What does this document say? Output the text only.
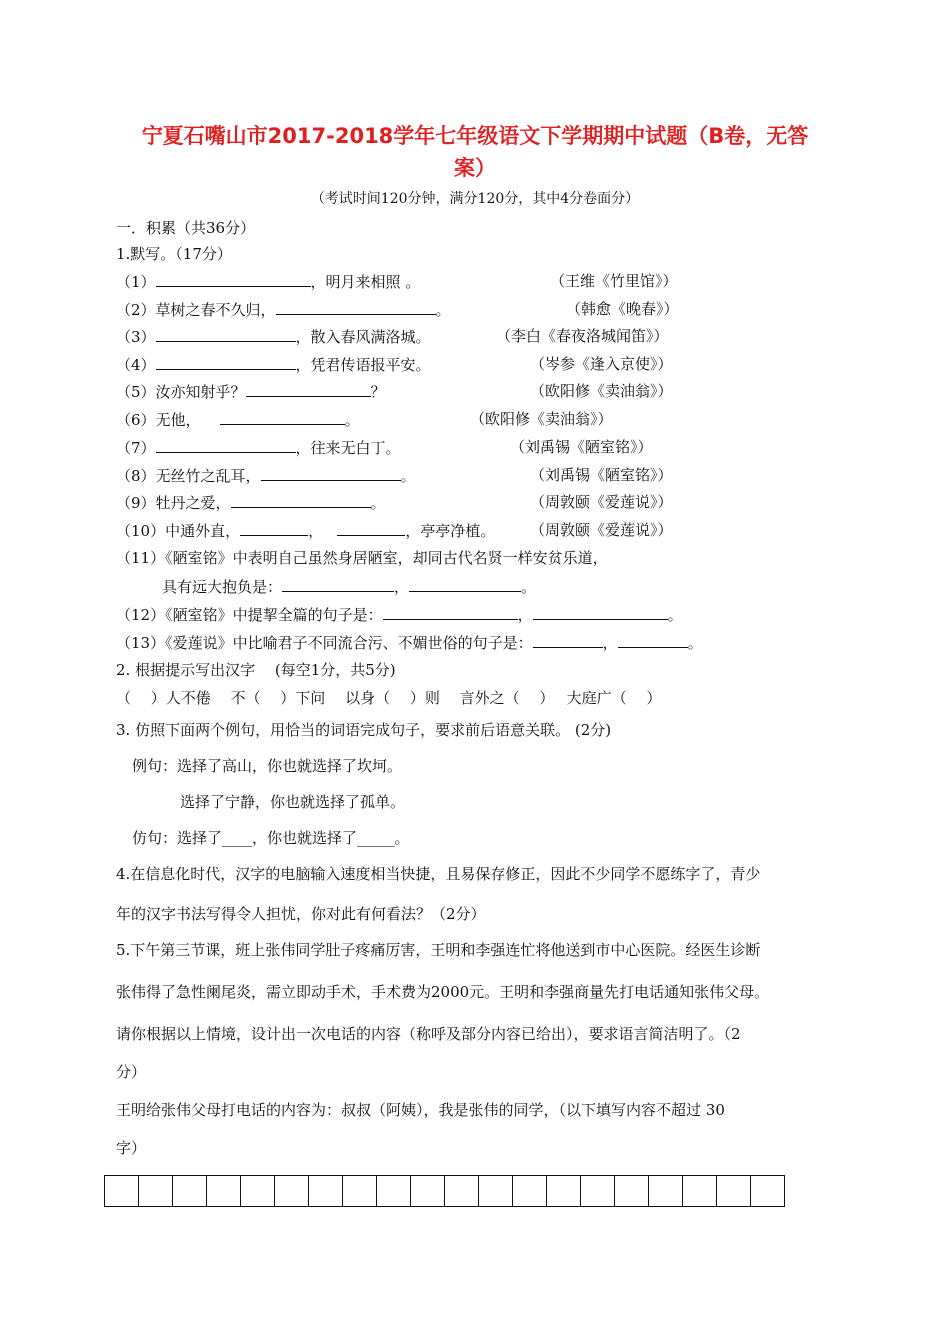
宁夏石嘴山市2017-2018学年七年级语文下学期期中试题（B卷，无答
案）
（考试时间120分钟，满分120分，其中4分卷面分）
一．积累（共36分）
1.默写。（17分）
（1）	，明月来相照 。	（王维《竹里馆》）
（2）草树之春不久归，	。	（韩愈《晚春》）
（3）	，散入春风满洛城。	（李白《春夜洛城闻笛》）
（4）	，凭君传语报平安。	（岑参《逢入京使》）
（5）汝亦知射乎？	？	（欧阳修《卖油翁》）
（6）无他，	。	（欧阳修《卖油翁》）
（7）	，往来无白丁。	（刘禹锡《陋室铭》）
（8）无丝竹之乱耳，	。	（刘禹锡《陋室铭》）
（9）牡丹之爱，	。	（周敦颐《爱莲说》）
（10）中通外直，	，	，亭亭净植。 （周敦颐《爱莲说》）
（11）《陋室铭》中表明自己虽然身居陋室，却同古代名贤一样安贫乐道，
具有远大抱负是：	，	。
（12）《陋室铭》中提挈全篇的句子是：	，	。
（13）《爱莲说》中比喻君子不同流合污、不媚世俗的句子是：	，	。
2. 根据提示写出汉字　 (每空1分，共5分)
（　 ）人不倦　 不（　 ）下问　 以身（　 ）则　 言外之（　 ）　 大庭广（　 ）
3. 仿照下面两个例句，用恰当的词语完成句子，要求前后语意关联。 (2分)
例句：选择了高山，你也就选择了坎坷。
选择了宁静，你也就选择了孤单。
仿句：选择了____，你也就选择了_____。
4.在信息化时代，汉字的电脑输入速度相当快捷，且易保存修正，因此不少同学不愿练字了，青少
年的汉字书法写得令人担忧，你对此有何看法？（2分）
5.下午第三节课，班上张伟同学肚子疼痛厉害，王明和李强连忙将他送到市中心医院。经医生诊断
张伟得了急性阑尾炎，需立即动手术，手术费为2000元。王明和李强商量先打电话通知张伟父母。
请你根据以上情境，设计出一次电话的内容（称呼及部分内容已给出），要求语言简洁明了。（2
分）
王明给张伟父母打电话的内容为：叔叔（阿姨），我是张伟的同学，（以下填写内容不超过 30
字）
